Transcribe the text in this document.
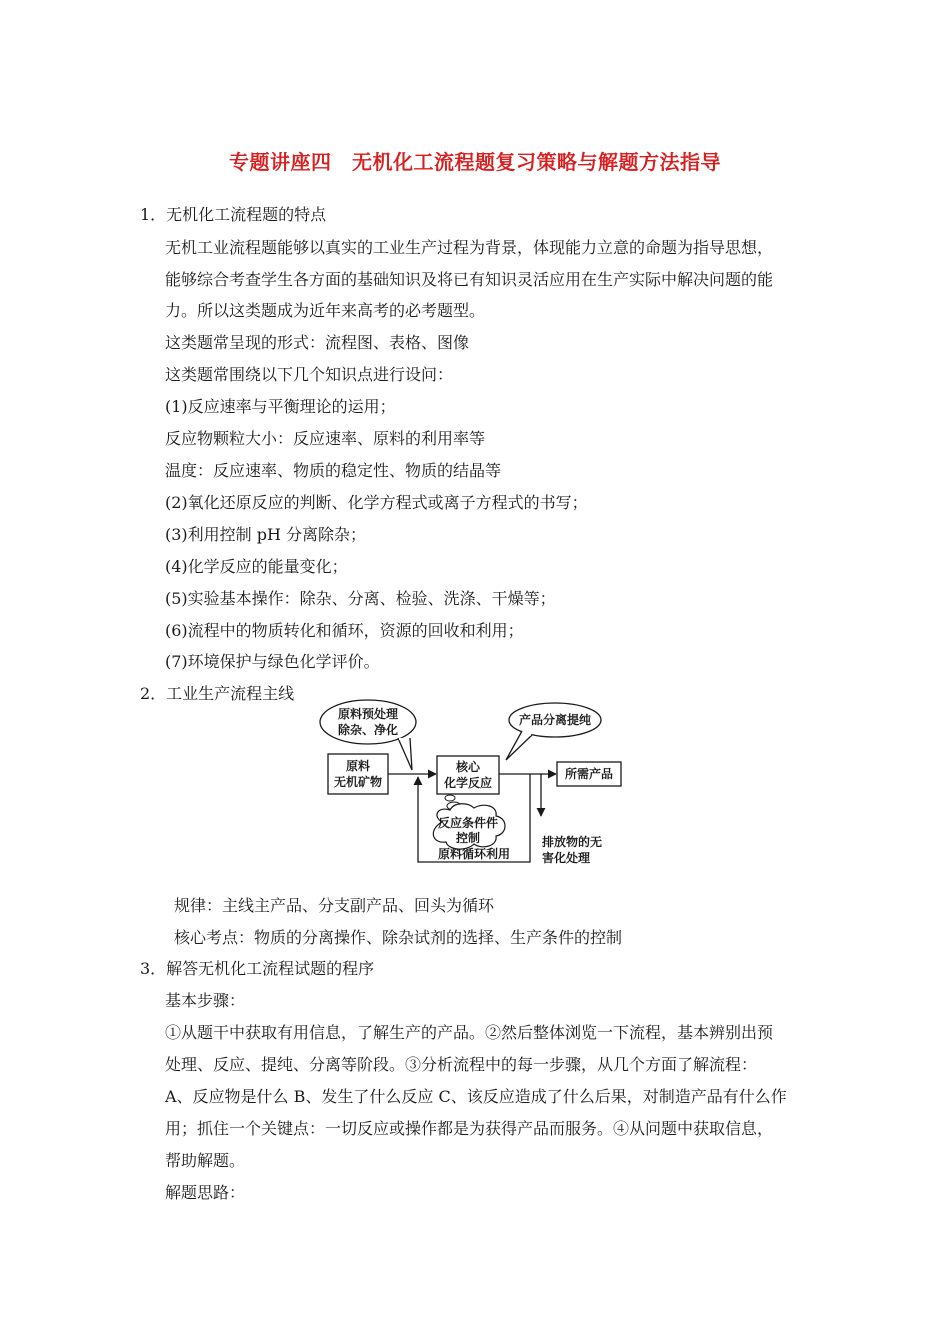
专题讲座四　无机化工流程题复习策略与解题方法指导
1．无机化工流程题的特点
无机工业流程题能够以真实的工业生产过程为背景，体现能力立意的命题为指导思想，
能够综合考查学生各方面的基础知识及将已有知识灵活应用在生产实际中解决问题的能
力。所以这类题成为近年来高考的必考题型。
这类题常呈现的形式：流程图、表格、图像
这类题常围绕以下几个知识点进行设问：
(1)反应速率与平衡理论的运用；
反应物颗粒大小：反应速率、原料的利用率等
温度：反应速率、物质的稳定性、物质的结晶等
(2)氧化还原反应的判断、化学方程式或离子方程式的书写；
(3)利用控制 pH 分离除杂；
(4)化学反应的能量变化；
(5)实验基本操作：除杂、分离、检验、洗涤、干燥等；
(6)流程中的物质转化和循环，资源的回收和利用；
(7)环境保护与绿色化学评价。
2．工业生产流程主线
原料预处理
除杂、净化
原料
无机矿物
核心
化学反应
产品分离提纯
所需产品
排放物的无
害化处理
原料循环利用
反应条件件
控制
规律：主线主产品、分支副产品、回头为循环
核心考点：物质的分离操作、除杂试剂的选择、生产条件的控制
3．解答无机化工流程试题的程序
基本步骤：
①从题干中获取有用信息，了解生产的产品。②然后整体浏览一下流程，基本辨别出预
处理、反应、提纯、分离等阶段。③分析流程中的每一步骤，从几个方面了解流程：
A、反应物是什么 B、发生了什么反应 C、该反应造成了什么后果，对制造产品有什么作
用；抓住一个关键点：一切反应或操作都是为获得产品而服务。④从问题中获取信息，
帮助解题。
解题思路：
